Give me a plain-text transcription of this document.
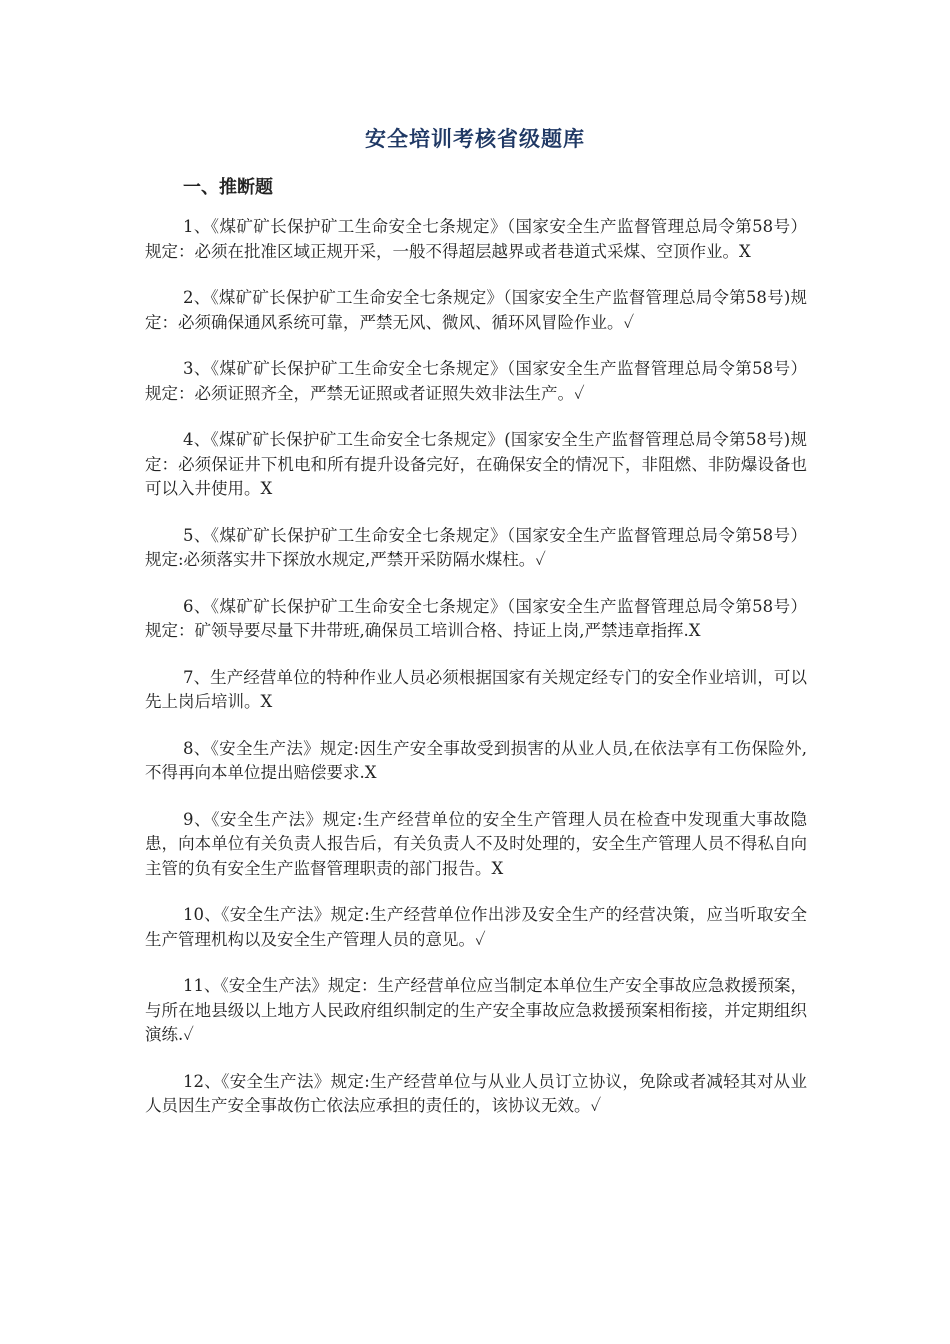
安全培训考核省级题库
一、推断题

1、《煤矿矿长保护矿工生命安全七条规定》（国家安全生产监督管理总局令第58号）规定：必须在批准区域正规开采，一般不得超层越界或者巷道式采煤、空顶作业。X

2、《煤矿矿长保护矿工生命安全七条规定》（国家安全生产监督管理总局令第58号)规定：必须确保通风系统可靠，严禁无风、微风、循环风冒险作业。✓

3、《煤矿矿长保护矿工生命安全七条规定》（国家安全生产监督管理总局令第58号）规定：必须证照齐全，严禁无证照或者证照失效非法生产。✓

4、《煤矿矿长保护矿工生命安全七条规定》(国家安全生产监督管理总局令第58号)规定：必须保证井下机电和所有提升设备完好，在确保安全的情况下，非阻燃、非防爆设备也可以入井使用。X

5、《煤矿矿长保护矿工生命安全七条规定》（国家安全生产监督管理总局令第58号）规定:必须落实井下探放水规定,严禁开采防隔水煤柱。✓

6、《煤矿矿长保护矿工生命安全七条规定》（国家安全生产监督管理总局令第58号）规定：矿领导要尽量下井带班,确保员工培训合格、持证上岗,严禁违章指挥.X

7、生产经营单位的特种作业人员必须根据国家有关规定经专门的安全作业培训，可以先上岗后培训。X

8、《安全生产法》规定:因生产安全事故受到损害的从业人员,在依法享有工伤保险外,不得再向本单位提出赔偿要求.X

9、《安全生产法》规定:生产经营单位的安全生产管理人员在检查中发现重大事故隐患，向本单位有关负责人报告后，有关负责人不及时处理的，安全生产管理人员不得私自向主管的负有安全生产监督管理职责的部门报告。X

10、《安全生产法》规定:生产经营单位作出涉及安全生产的经营决策，应当听取安全生产管理机构以及安全生产管理人员的意见。✓

11、《安全生产法》规定：生产经营单位应当制定本单位生产安全事故应急救援预案，与所在地县级以上地方人民政府组织制定的生产安全事故应急救援预案相衔接，并定期组织演练.✓

12、《安全生产法》规定:生产经营单位与从业人员订立协议，免除或者减轻其对从业人员因生产安全事故伤亡依法应承担的责任的，该协议无效。✓
